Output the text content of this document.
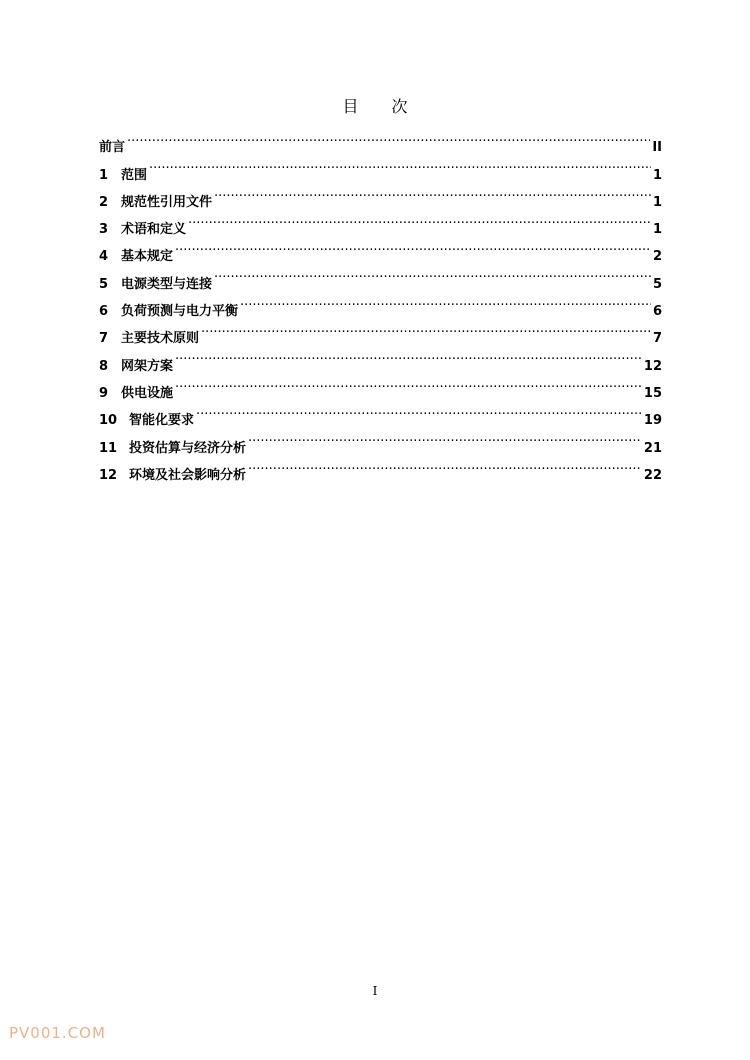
目 次
前言 .....	II
1 范围 .....	1
2 规范性引用文件 .....	1
3 术语和定义 .....	1
4 基本规定 .....	2
5 电源类型与连接 .....	5
6 负荷预测与电力平衡 .....	6
7 主要技术原则 .....	7
8 网架方案 .....	12
9 供电设施 .....	15
10 智能化要求 .....	19
11 投资估算与经济分析 .....	21
12 环境及社会影响分析 .....	22
I
PV001.COM
